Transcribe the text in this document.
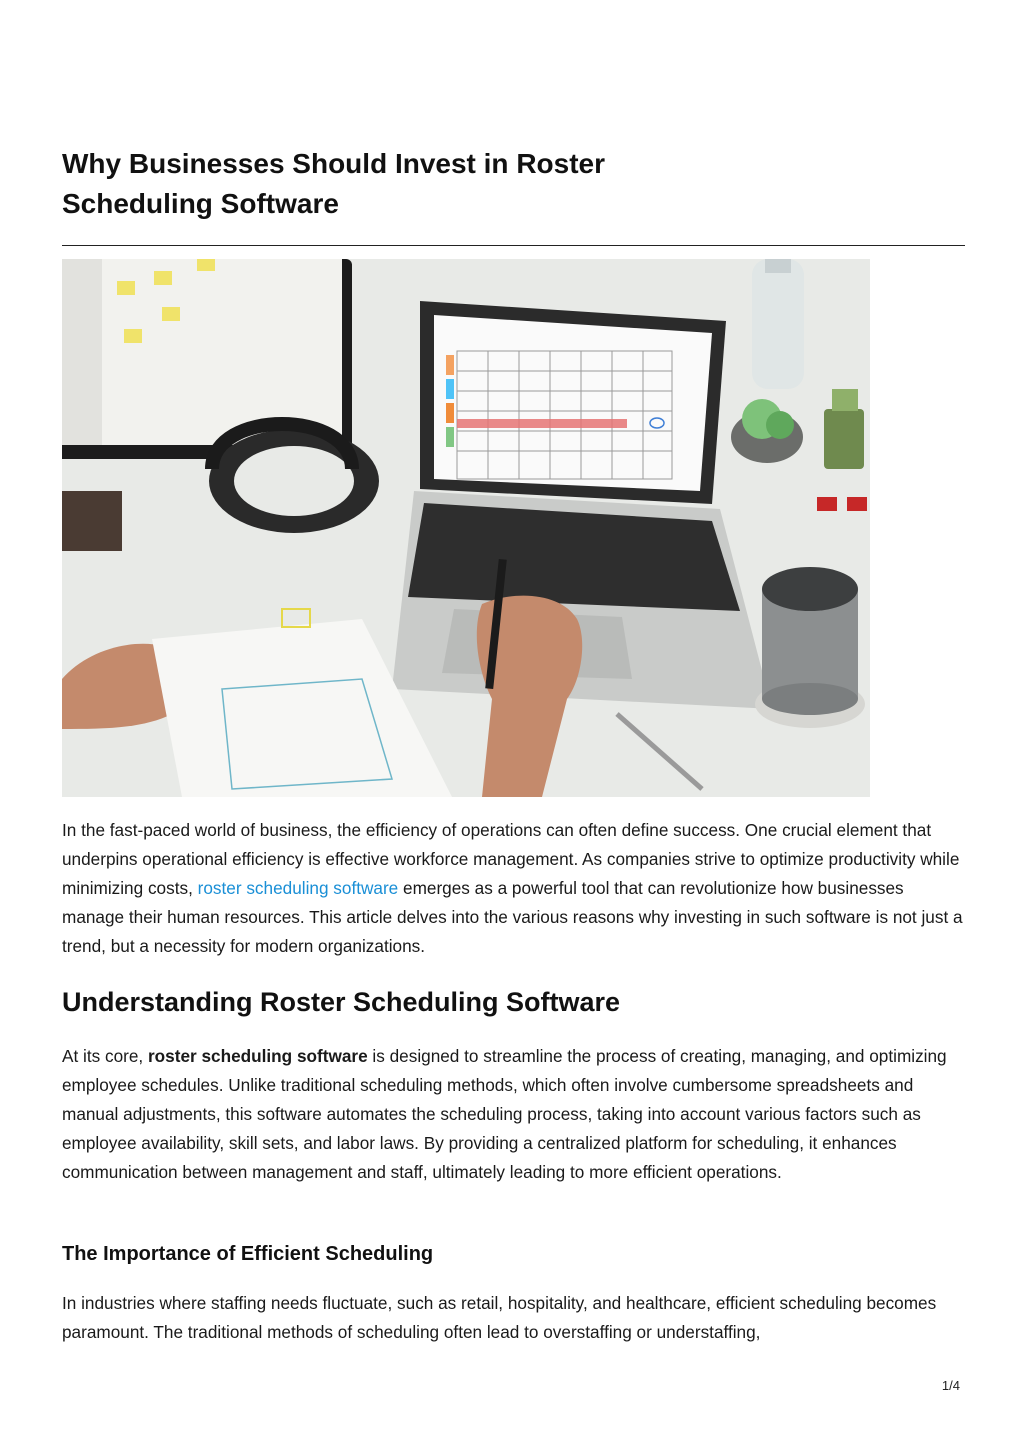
Why Businesses Should Invest in Roster Scheduling Software

In the fast-paced world of business, the efficiency of operations can often define success. One crucial element that underpins operational efficiency is effective workforce management. As companies strive to optimize productivity while minimizing costs, roster scheduling software emerges as a powerful tool that can revolutionize how businesses manage their human resources. This article delves into the various reasons why investing in such software is not just a trend, but a necessity for modern organizations.

Understanding Roster Scheduling Software

At its core, roster scheduling software is designed to streamline the process of creating, managing, and optimizing employee schedules. Unlike traditional scheduling methods, which often involve cumbersome spreadsheets and manual adjustments, this software automates the scheduling process, taking into account various factors such as employee availability, skill sets, and labor laws. By providing a centralized platform for scheduling, it enhances communication between management and staff, ultimately leading to more efficient operations.

The Importance of Efficient Scheduling

In industries where staffing needs fluctuate, such as retail, hospitality, and healthcare, efficient scheduling becomes paramount. The traditional methods of scheduling often lead to overstaffing or understaffing,

1/4
